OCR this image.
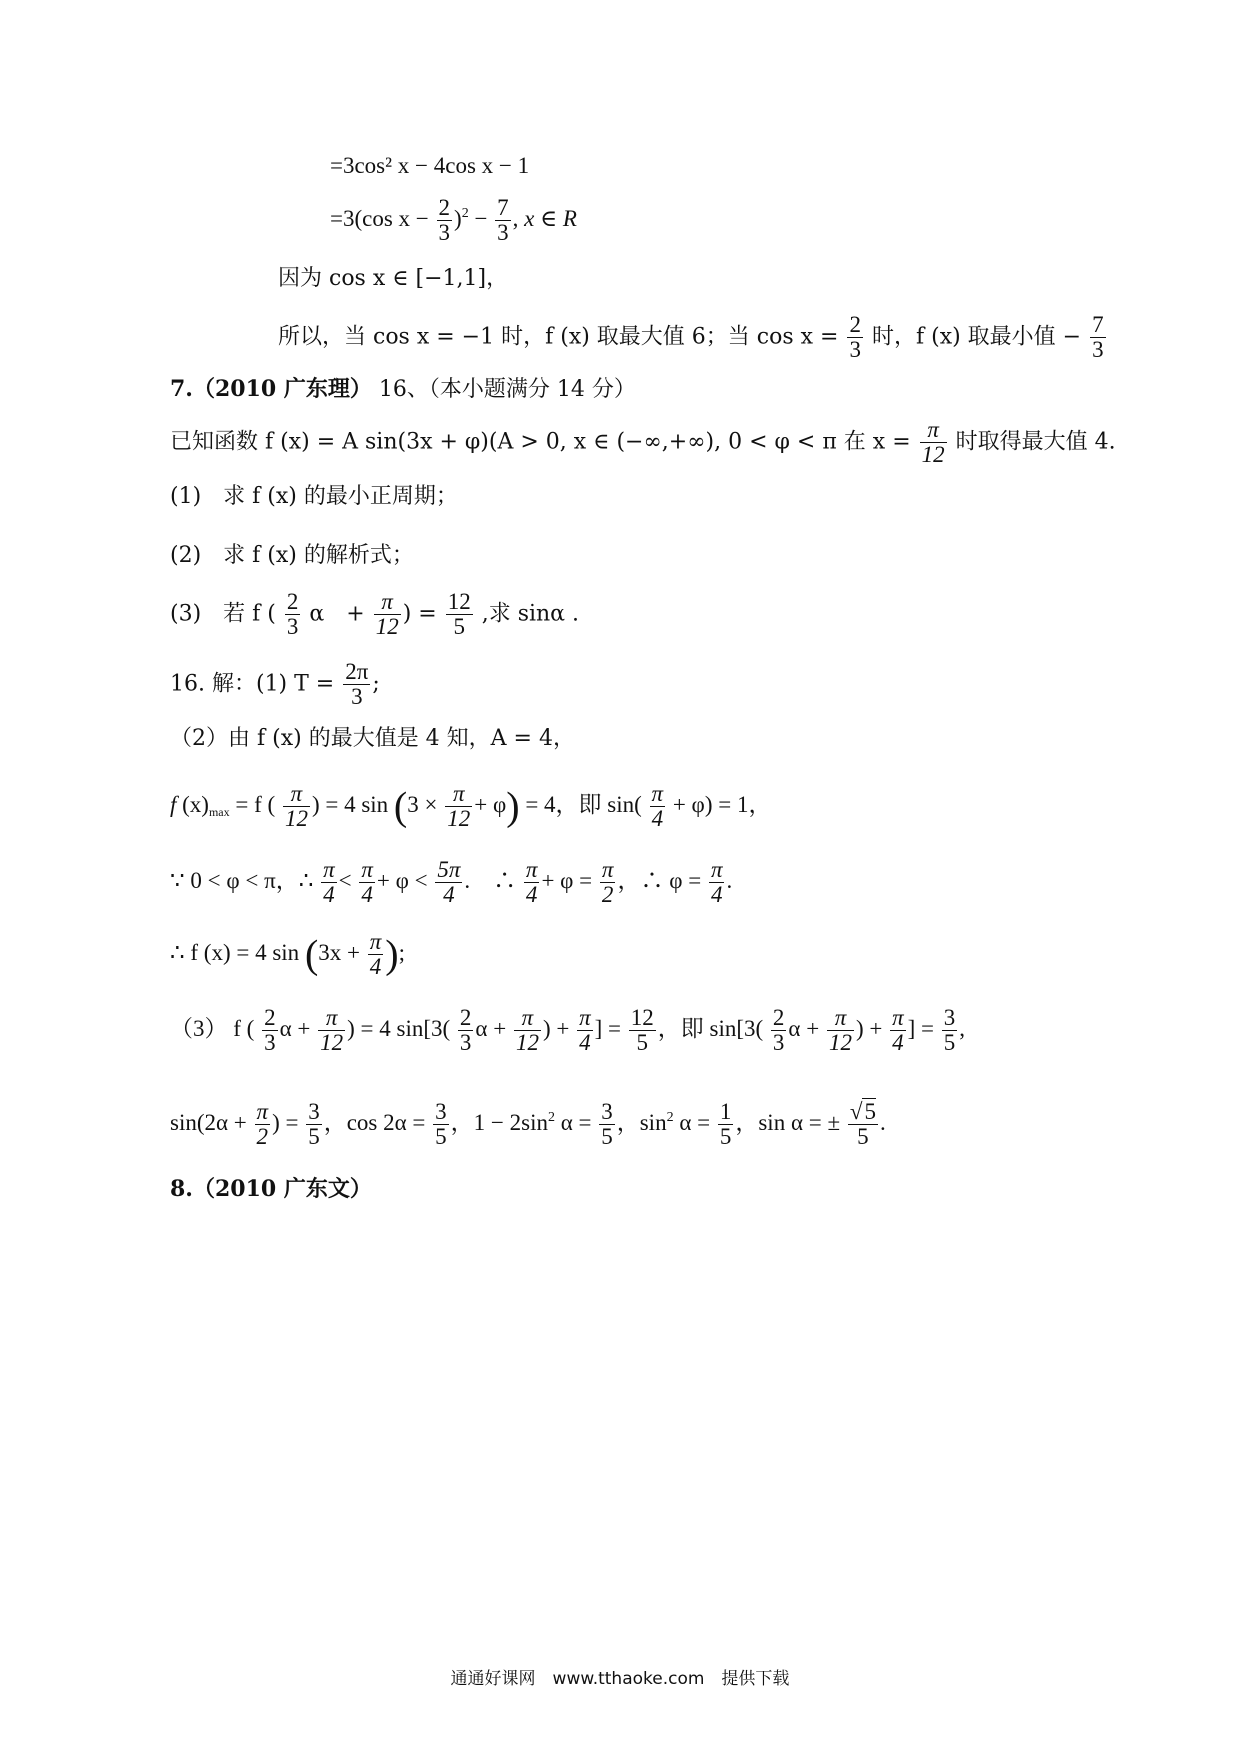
=3cos² x − 4cos x − 1
=3(cos $x - \frac{2}{3} )^2 - \frac{7}{3}$ , x ∈ R
因为 cos x ∈ [−1,1]，
所以，当 cos x = −1 时，f (x) 取最大值 6；当 $\cos x = \frac{2}{3}$ 时，f (x) 取最小值 − $\frac{7}{3}$
7.（2010 广东理） 16、（本小题满分 14 分）
已知函数 f (x) = A sin(3x + φ)(A > 0, x ∈ (−∞,+∞), 0 < φ < π 在 $x = \frac{\pi}{12}$ 时取得最大值 4.
(1)　求 f (x) 的最小正周期；
(2)　求 f (x) 的解析式；
(3)　若 f ( $\frac{2}{3}$ α　+ $\frac{\pi}{12}$ ) = $\frac{12}{5}$ ,求 sinα .
16. 解：(1) $T = \frac{2\pi}{3}$ ;
（2）由 f (x) 的最大值是 4 知，A = 4，
f $(x)_{max} = f$ ( $\frac{\pi}{12}$ ) = 4 $\sin (3 \times \frac{\pi}{12} + \varphi) = 4$，即 $\sin( \frac{\pi}{4} + \varphi) = 1$，
∵ 0 < φ < π，∴ $\frac{\pi}{4} < \frac{\pi}{4} + \varphi < \frac{5\pi}{4}$ .　∴ $\frac{\pi}{4} + \varphi = \frac{\pi}{2}$ ，∴ $\varphi = \frac{\pi}{4}$ .
∴ f (x) = 4 $\sin (3x + \frac{\pi}{4}$ );
（3） f ( $\frac{2}{3}$ $\alpha + \frac{\pi}{12}$ ) = 4 $\sin[3( \frac{2}{3}$ $\alpha + \frac{\pi}{12}$ ) + $\frac{\pi}{4}$ ] = $\frac{12}{5}$ ，即 $\sin[3( \frac{2}{3}$ $\alpha + \frac{\pi}{12}$ ) + $\frac{\pi}{4}$ ] = $\frac{3}{5}$ ,
$\sin(2\alpha + \frac{\pi}{2}$ ) = $\frac{3}{5}$ ，$\cos 2\alpha = \frac{3}{5}$ ，$1 - 2\sin^2$ $\alpha = \frac{3}{5}$ ，$\sin^2 \alpha = \frac{1}{5}$ ，sin α = ± $\frac{√5}{5}$ .
8.（2010 广东文）
通通好课网　www.tthaoke.com　提供下载
